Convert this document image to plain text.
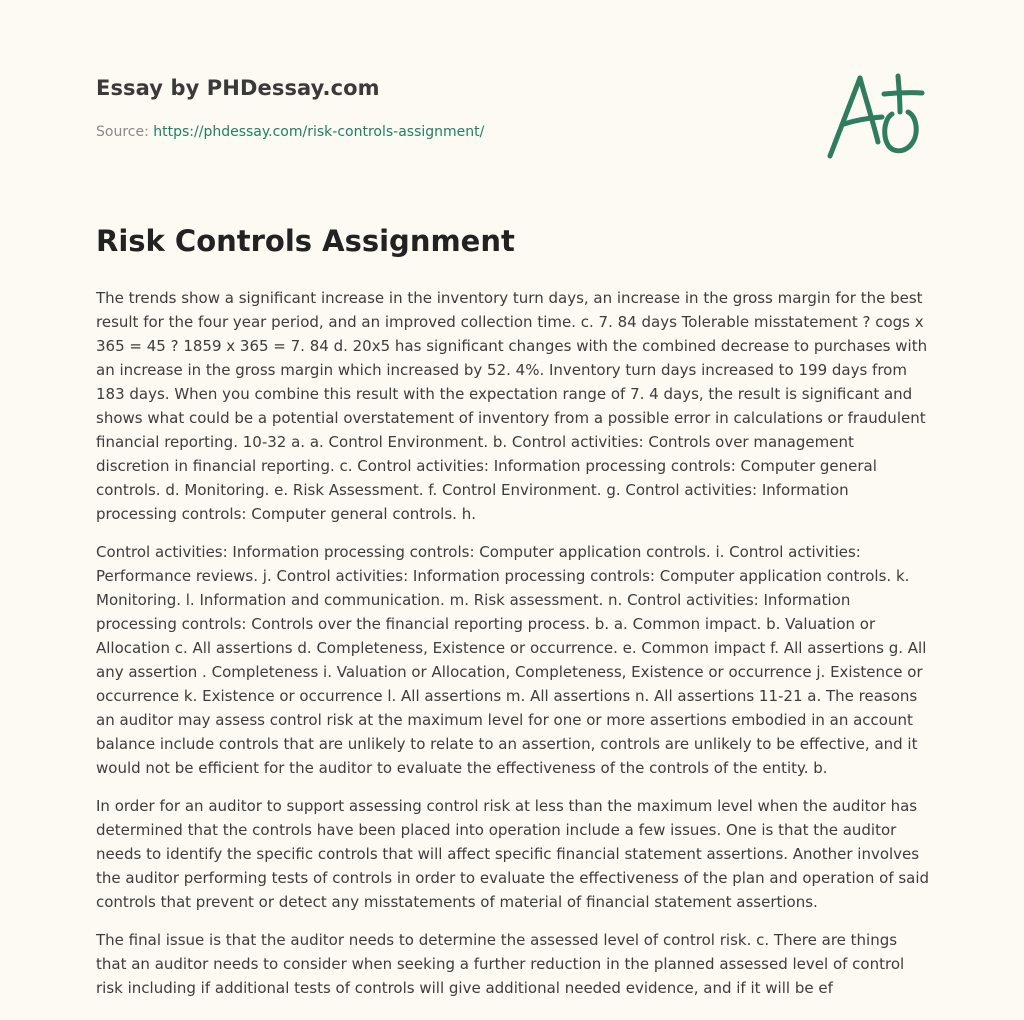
Essay by PHDessay.com
Source: https://phdessay.com/risk-controls-assignment/
Risk Controls Assignment

The trends show a significant increase in the inventory turn days, an increase in the gross margin for the best result for the four year period, and an improved collection time. c. 7. 84 days Tolerable misstatement ? cogs x 365 = 45 ? 1859 x 365 = 7. 84 d. 20x5 has significant changes with the combined decrease to purchases with an increase in the gross margin which increased by 52. 4%. Inventory turn days increased to 199 days from 183 days. When you combine this result with the expectation range of 7. 4 days, the result is significant and shows what could be a potential overstatement of inventory from a possible error in calculations or fraudulent financial reporting. 10-32 a. a. Control Environment. b. Control activities: Controls over management discretion in financial reporting. c. Control activities: Information processing controls: Computer general controls. d. Monitoring. e. Risk Assessment. f. Control Environment. g. Control activities: Information processing controls: Computer general controls. h.

Control activities: Information processing controls: Computer application controls. i. Control activities: Performance reviews. j. Control activities: Information processing controls: Computer application controls. k. Monitoring. l. Information and communication. m. Risk assessment. n. Control activities: Information processing controls: Controls over the financial reporting process. b. a. Common impact. b. Valuation or Allocation c. All assertions d. Completeness, Existence or occurrence. e. Common impact f. All assertions g. All any assertion . Completeness i. Valuation or Allocation, Completeness, Existence or occurrence j. Existence or occurrence k. Existence or occurrence l. All assertions m. All assertions n. All assertions 11-21 a. The reasons an auditor may assess control risk at the maximum level for one or more assertions embodied in an account balance include controls that are unlikely to relate to an assertion, controls are unlikely to be effective, and it would not be efficient for the auditor to evaluate the effectiveness of the controls of the entity. b.

In order for an auditor to support assessing control risk at less than the maximum level when the auditor has determined that the controls have been placed into operation include a few issues. One is that the auditor needs to identify the specific controls that will affect specific financial statement assertions. Another involves the auditor performing tests of controls in order to evaluate the effectiveness of the plan and operation of said controls that prevent or detect any misstatements of material of financial statement assertions.

The final issue is that the auditor needs to determine the assessed level of control risk. c. There are things that an auditor needs to consider when seeking a further reduction in the planned assessed level of control risk including if additional tests of controls will give additional needed evidence, and if it will be ef
